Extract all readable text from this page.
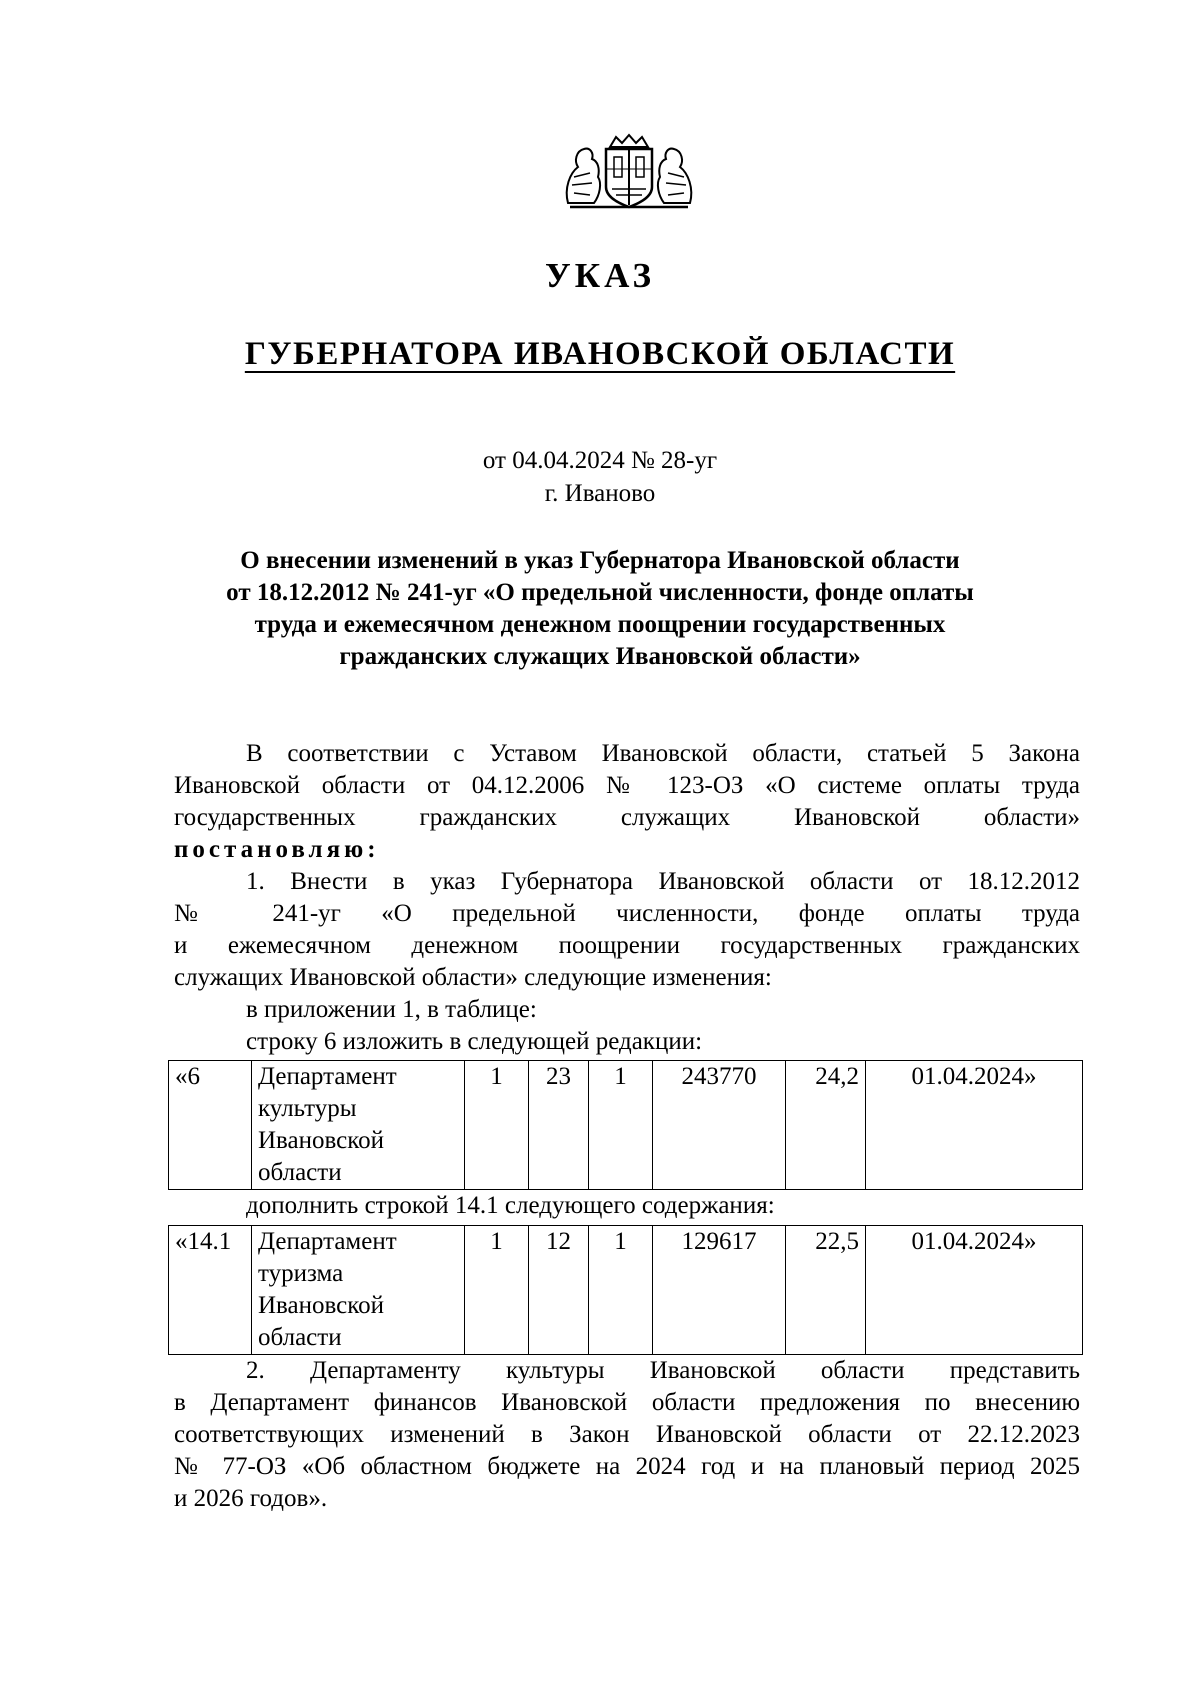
УКАЗ
ГУБЕРНАТОРА ИВАНОВСКОЙ ОБЛАСТИ
от 04.04.2024 № 28-уг
г. Иваново
О внесении изменений в указ Губернатора Ивановской области
от 18.12.2012 № 241-уг «О предельной численности, фонде оплаты
труда и ежемесячном денежном поощрении государственных
гражданских служащих Ивановской области»
В соответствии с Уставом Ивановской области, статьей 5 Закона
Ивановской области от 04.12.2006 № 123-ОЗ «О системе оплаты труда
государственных гражданских служащих Ивановской области»
постановляю:
1. Внести в указ Губернатора Ивановской области от 18.12.2012
№ 241-уг «О предельной численности, фонде оплаты труда
и ежемесячном денежном поощрении государственных гражданских
служащих Ивановской области» следующие изменения:
в приложении 1, в таблице:
строку 6 изложить в следующей редакции:
«6	Департамент
культуры
Ивановской
области
	1	23	1	243770	24,2	01.04.2024»
дополнить строкой 14.1 следующего содержания:
«14.1	Департамент
туризма
Ивановской
области
	1	12	1	129617	22,5	01.04.2024»
2. Департаменту культуры Ивановской области представить
в Департамент финансов Ивановской области предложения по внесению
соответствующих изменений в Закон Ивановской области от 22.12.2023
№ 77-ОЗ «Об областном бюджете на 2024 год и на плановый период 2025
и 2026 годов».
